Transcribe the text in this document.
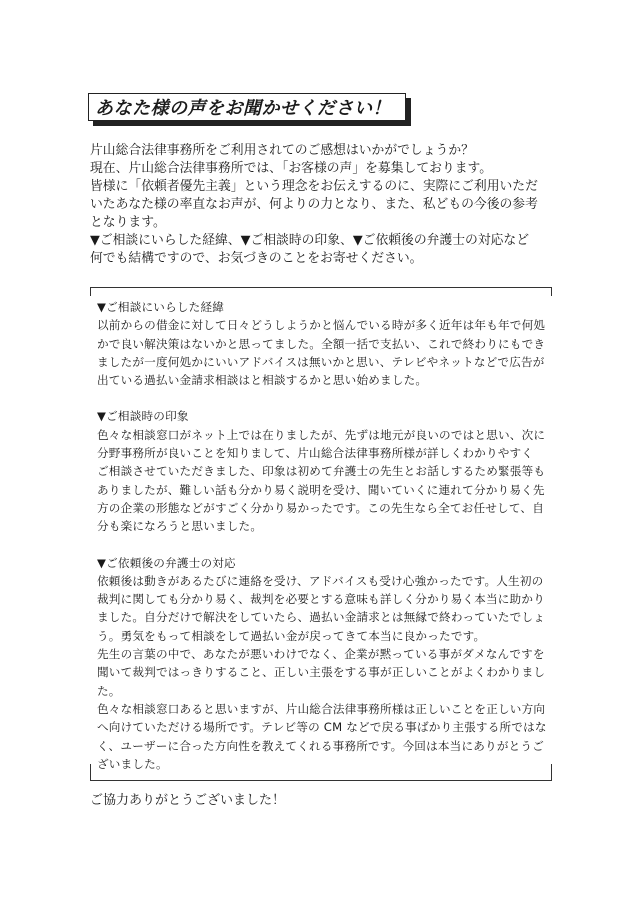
あなた様の声をお聞かせください！

片山総合法律事務所をご利用されてのご感想はいかがでしょうか？

現在、片山総合法律事務所では、「お客様の声」を募集しております。

皆様に「依頼者優先主義」という理念をお伝えするのに、実際にご利用いただ

いたあなた様の率直なお声が、何よりの力となり、また、私どもの今後の参考

となります。

▼ご相談にいらした経緯、▼ご相談時の印象、▼ご依頼後の弁護士の対応など

何でも結構ですので、お気づきのことをお寄せください。

▼ご相談にいらした経緯

以前からの借金に対して日々どうしようかと悩んでいる時が多く近年は年も年で何処

かで良い解決策はないかと思ってました。全額一括で支払い、これで終わりにもでき

ましたが一度何処かにいいアドバイスは無いかと思い、テレビやネットなどで広告が

出ている過払い金請求相談はと相談するかと思い始めました。

▼ご相談時の印象

色々な相談窓口がネット上では在りましたが、先ずは地元が良いのではと思い、次に

分野事務所が良いことを知りまして、片山総合法律事務所様が詳しくわかりやすく

ご相談させていただきました、印象は初めて弁護士の先生とお話しするため緊張等も

ありましたが、難しい話も分かり易く説明を受け、聞いていくに連れて分かり易く先

方の企業の形態などがすごく分かり易かったです。この先生なら全てお任せして、自

分も楽になろうと思いました。

▼ご依頼後の弁護士の対応

依頼後は動きがあるたびに連絡を受け、アドバイスも受け心強かったです。人生初の

裁判に関しても分かり易く、裁判を必要とする意味も詳しく分かり易く本当に助かり

ました。自分だけで解決をしていたら、過払い金請求とは無縁で終わっていたでしょ

う。勇気をもって相談をして過払い金が戻ってきて本当に良かったです。

先生の言葉の中で、あなたが悪いわけでなく、企業が黙っている事がダメなんですを

聞いて裁判ではっきりすること、正しい主張をする事が正しいことがよくわかりまし

た。

色々な相談窓口あると思いますが、片山総合法律事務所様は正しいことを正しい方向

へ向けていただける場所です。テレビ等の CM などで戻る事ばかり主張する所ではな

く、ユーザーに合った方向性を教えてくれる事務所です。今回は本当にありがとうご

ざいました。

ご協力ありがとうございました！
